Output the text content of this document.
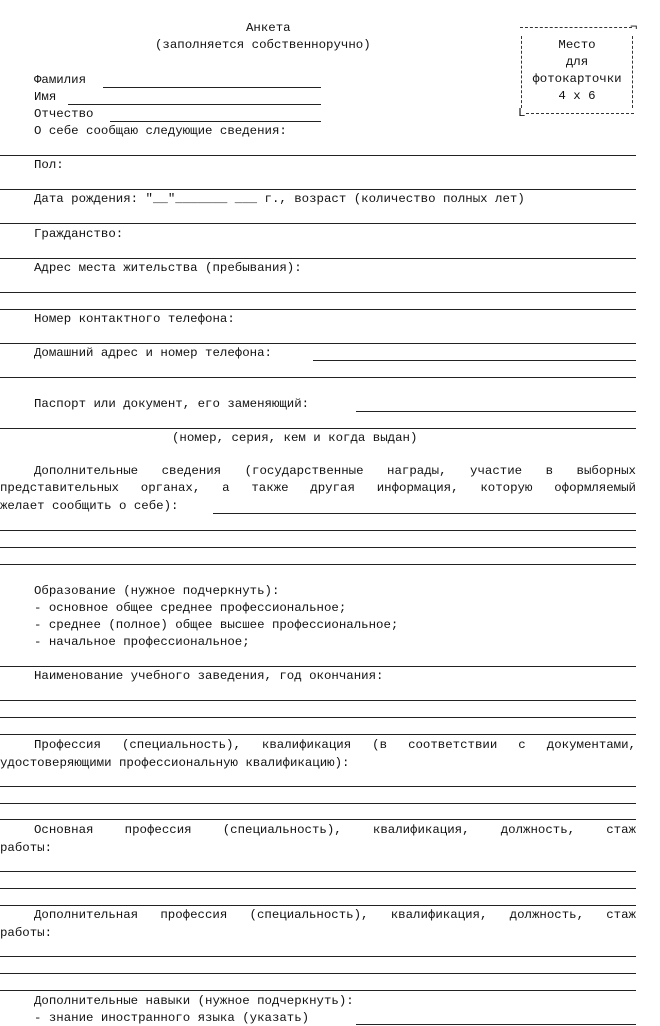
Анкета
(заполняется собственноручно)
¬
Место
для
фотокарточки
4 x 6
L
Фамилия
Имя
Отчество
О себе сообщаю следующие сведения:
Пол:
Дата рождения: "__"_______ ___ г., возраст (количество полных лет)
Гражданство:
Адрес места жительства (пребывания):
Номер контактного телефона:
Домашний адрес и номер телефона:
Паспорт или документ, его заменяющий:
(номер, серия, кем и когда выдан)
Дополнительные сведения (государственные награды, участие в выборных
представительных органах, а также другая информация, которую оформляемый
желает сообщить о себе):
Образование (нужное подчеркнуть):
- основное общее среднее профессиональное;
- среднее (полное) общее высшее профессиональное;
- начальное профессиональное;
Наименование учебного заведения, год окончания:
Профессия (специальность), квалификация (в соответствии с документами,
удостоверяющими профессиональную квалификацию):
Основная профессия (специальность), квалификация, должность, стаж
работы:
Дополнительная профессия (специальность), квалификация, должность, стаж
работы:
Дополнительные навыки (нужное подчеркнуть):
- знание иностранного языка (указать)
